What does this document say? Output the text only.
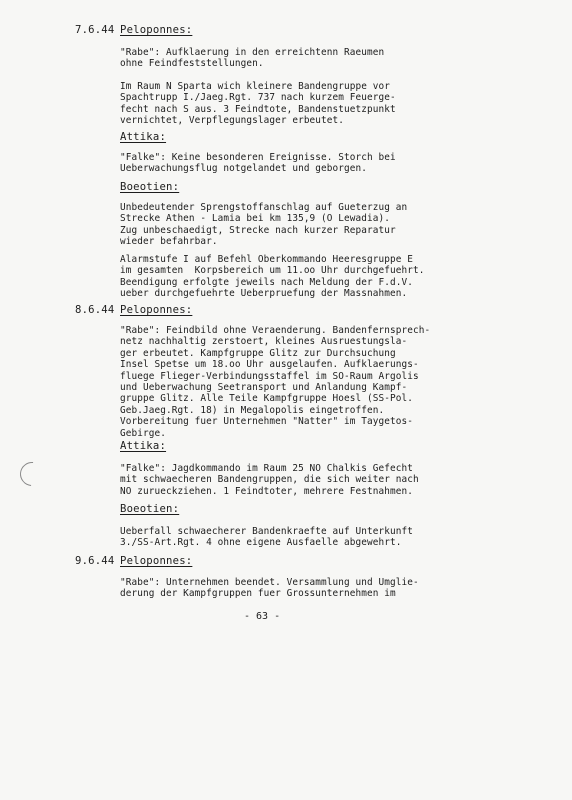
7.6.44 Peloponnes:

"Rabe": Aufklaerung in den erreichtenn Raeumen
ohne Feindfeststellungen.

Im Raum N Sparta wich kleinere Bandengruppe vor
Spachtrupp I./Jaeg.Rgt. 737 nach kurzem Feuerge-
fecht nach S aus. 3 Feindtote, Bandenstuetzpunkt
vernichtet, Verpflegungslager erbeutet.

Attika:

"Falke": Keine besonderen Ereignisse. Storch bei
Ueberwachungsflug notgelandet und geborgen.

Boeotien:

Unbedeutender Sprengstoffanschlag auf Gueterzug an
Strecke Athen - Lamia bei km 135,9 (O Lewadia).
Zug unbeschaedigt, Strecke nach kurzer Reparatur
wieder befahrbar.

Alarmstufe I auf Befehl Oberkommando Heeresgruppe E
im gesamten  Korpsbereich um 11.oo Uhr durchgefuehrt.
Beendigung erfolgte jeweils nach Meldung der F.d.V.
ueber durchgefuehrte Ueberpruefung der Massnahmen.

8.6.44 Peloponnes:

"Rabe": Feindbild ohne Veraenderung. Bandenfernsprech-
netz nachhaltig zerstoert, kleines Ausruestungsla-
ger erbeutet. Kampfgruppe Glitz zur Durchsuchung
Insel Spetse um 18.oo Uhr ausgelaufen. Aufklaerungs-
fluege Flieger-Verbindungsstaffel im SO-Raum Argolis
und Ueberwachung Seetransport und Anlandung Kampf-
gruppe Glitz. Alle Teile Kampfgruppe Hoesl (SS-Pol.
Geb.Jaeg.Rgt. 18) in Megalopolis eingetroffen.
Vorbereitung fuer Unternehmen "Natter" im Taygetos-
Gebirge.

Attika:

"Falke": Jagdkommando im Raum 25 NO Chalkis Gefecht
mit schwaecheren Bandengruppen, die sich weiter nach
NO zurueckziehen. 1 Feindtoter, mehrere Festnahmen.

Boeotien:

Ueberfall schwaecherer Bandenkraefte auf Unterkunft
3./SS-Art.Rgt. 4 ohne eigene Ausfaelle abgewehrt.

9.6.44 Peloponnes:

"Rabe": Unternehmen beendet. Versammlung und Umglie-
derung der Kampfgruppen fuer Grossunternehmen im

- 63 -
